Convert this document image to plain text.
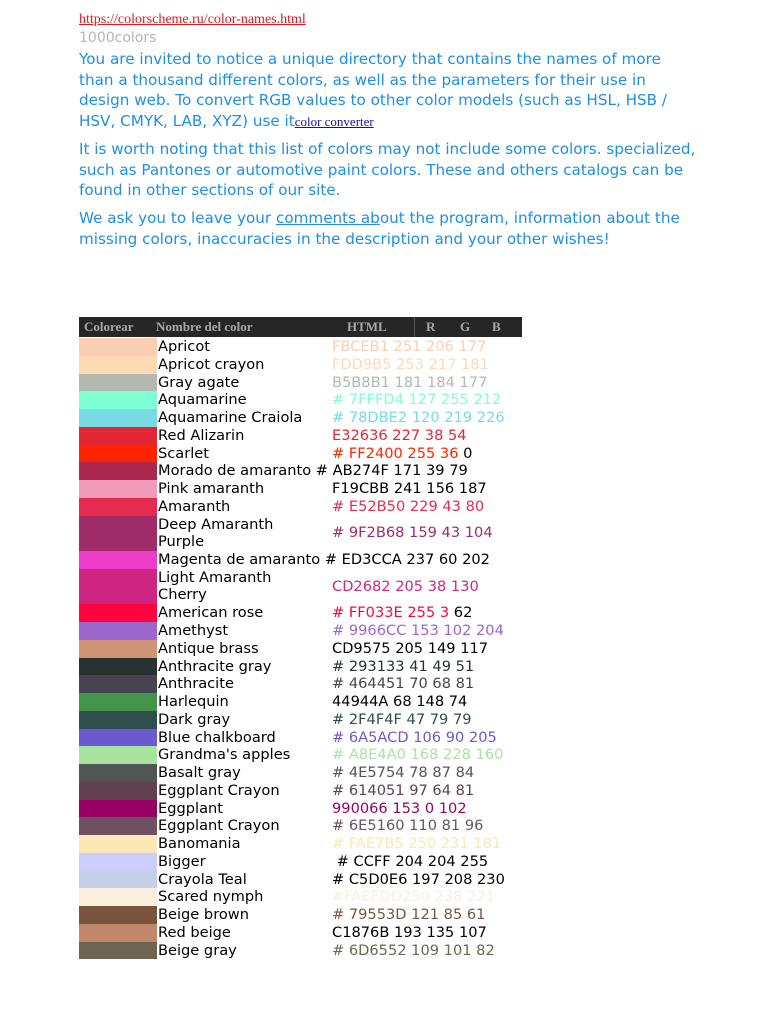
https://colorscheme.ru/color-names.html
1000colors

You are invited to notice a unique directory that contains the names of more than a thousand different colors, as well as the parameters for their use in design web. To convert RGB values to other color models (such as HSL, HSB / HSV, CMYK, LAB, XYZ) use itcolor converter

It is worth noting that this list of colors may not include some colors. specialized, such as Pantones or automotive paint colors. These and others catalogs can be found in other sections of our site.

We ask you to leave your comments about the program, information about the missing colors, inaccuracies in the description and your other wishes!

Colorear Nombre del color	HTML	R G B
Apricot	FBCEB1 251 206 177
Apricot crayon	FDD9B5 253 217 181
Gray agate	B5B8B1 181 184 177
Aquamarine	# 7FFFD4 127 255 212
Aquamarine Craiola # 78DBE2 120 219 226
Red Alizarin	E32636 227 38 54
Scarlet	# FF2400 255 36 0
Morado de amaranto # AB274F 171 39 79
Pink amaranth	F19CBB 241 156 187
Amaranth	# E52B50 229 43 80
Deep Amaranth
Purple
# 9F2B68 159 43 104
Magenta de amaranto # ED3CCA 237 60 202
Light Amaranth
Cherry
CD2682 205 38 130
American rose	# FF033E 255 3 62
Amethyst	# 9966CC 153 102 204
Antique brass	CD9575 205 149 117
Anthracite gray	# 293133 41 49 51
Anthracite	# 464451 70 68 81
Harlequin	44944A 68 148 74
Dark gray	# 2F4F4F 47 79 79
Blue chalkboard	# 6A5ACD 106 90 205
Grandma's apples	# A8E4A0 168 228 160
Basalt gray	# 4E5754 78 87 84
Eggplant Crayon	# 614051 97 64 81
Eggplant	990066 153 0 102
Eggplant Crayon	# 6E5160 110 81 96
Banomania	# FAE7B5 250 231 181
Bigger	# CCFF 204 204 255
Crayola Teal	# C5D0E6 197 208 230
Scared nymph	#FAEEDD250 238 221
Beige brown	# 79553D 121 85 61
Red beige	C1876B 193 135 107
Beige gray	# 6D6552 109 101 82
